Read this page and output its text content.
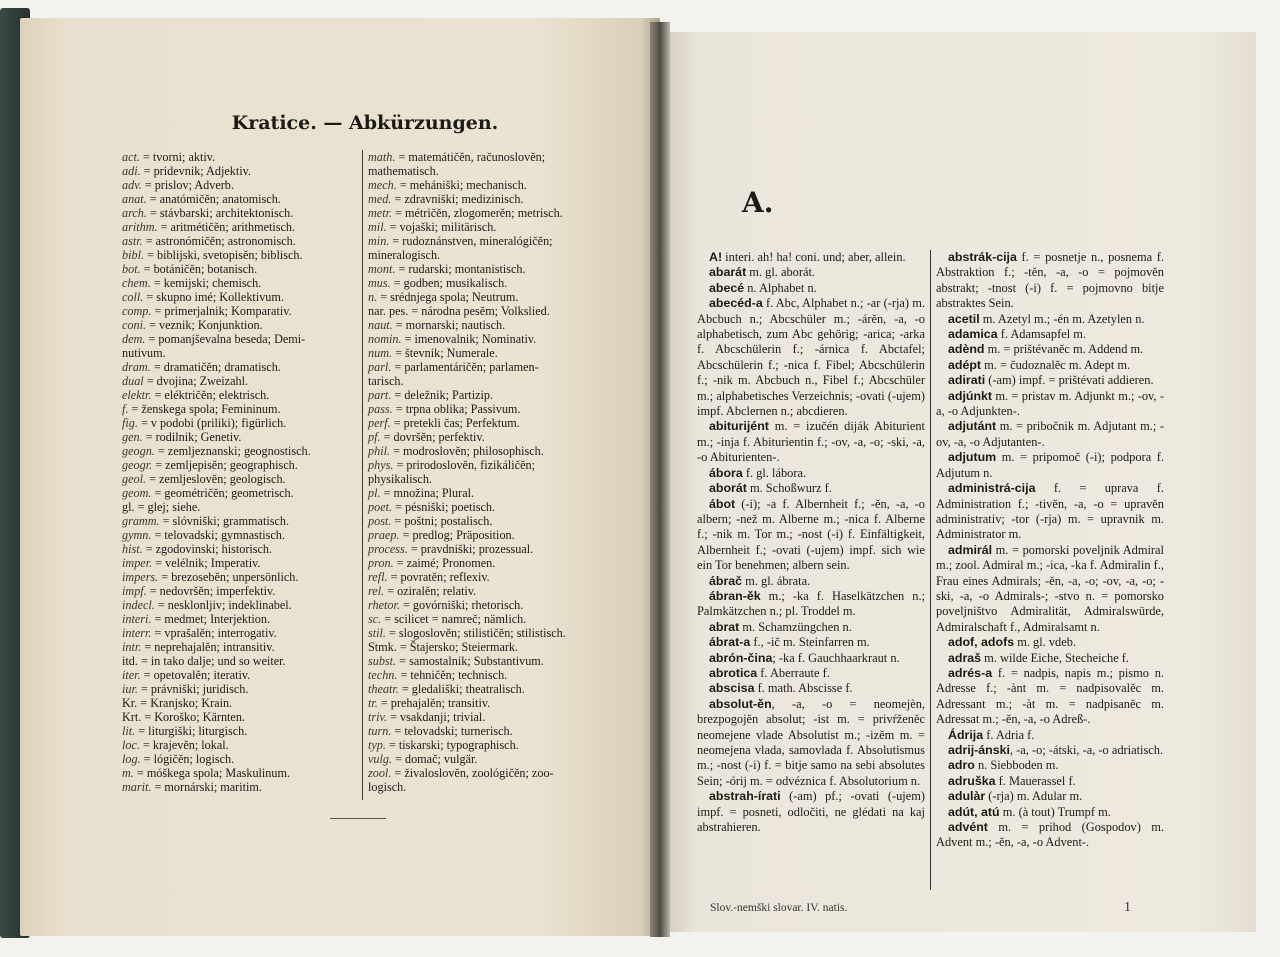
Kratice. — Abkürzungen.
act. = tvorni; aktiv.
adi. = pridevnik; Adjektiv.
adv. = prislov; Adverb.
anat. = anatómičěn; anatomisch.
arch. = stávbarski; architektonisch.
arithm. = aritmétičěn; arithmetisch.
astr. = astronómičěn; astronomisch.
bibl. = biblijski, svetopisěn; biblisch.
bot. = botáničěn; botanisch.
chem. = kemijski; chemisch.
coll. = skupno imé; Kollektivum.
comp. = primerjalnik; Komparativ.
coni. = veznik; Konjunktion.
dem. = pomanjševalna beseda; Demi-
nutivum.
dram. = dramatičěn; dramatisch.
dual = dvojina; Zweizahl.
elektr. = eléktričěn; elektrisch.
f. = ženskega spola; Femininum.
fig. = v podobi (priliki); figürlich.
gen. = rodilnik; Genetiv.
geogn. = zemljeznanski; geognostisch.
geogr. = zemljepisěn; geographisch.
geol. = zemljeslověn; geologisch.
geom. = geométričěn; geometrisch.
gl. = glej; siehe.
gramm. = slóvniški; grammatisch.
gymn. = telovadski; gymnastisch.
hist. = zgodovinski; historisch.
imper. = velélnik; Imperativ.
impers. = brezoseběn; unpersönlich.
impf. = nedovršěn; imperfektiv.
indecl. = nesklonljiv; indeklinabel.
interi. = medmet; Interjektion.
interr. = vprašalěn; interrogativ.
intr. = neprehajalěn; intransitiv.
itd. = in tako dalje; und so weiter.
iter. = opetovalěn; iterativ.
iur. = právniški; juridisch.
Kr. = Kranjsko; Krain.
Krt. = Koroško; Kärnten.
lit. = liturgiški; liturgisch.
loc. = krajevěn; lokal.
log. = lógičěn; logisch.
m. = móškega spola; Maskulinum.
marit. = mornárski; maritim.
math. = matemátičěn, računoslověn;
mathematisch.
mech. = mehániški; mechanisch.
med. = zdravniški; medizinisch.
metr. = métričěn, zlogomerěn; metrisch.
mil. = vojaški; militärisch.
min. = rudoznánstven, mineralógičěn;
mineralogisch.
mont. = rudarski; montanistisch.
mus. = godben; musikalisch.
n. = srédnjega spola; Neutrum.
nar. pes. = národna pesěm; Volkslied.
naut. = mornarski; nautisch.
nomin. = imenovalnik; Nominativ.
num. = števnik; Numerale.
parl. = parlamentáričěn; parlamen-
tarisch.
part. = deležnik; Partizip.
pass. = trpna oblika; Passivum.
perf. = pretekli čas; Perfektum.
pf. = dovršěn; perfektiv.
phil. = modroslověn; philosophisch.
phys. = prirodoslověn, fizikáličěn;
physikalisch.
pl. = množina; Plural.
poet. = pésniški; poetisch.
post. = poštni; postalisch.
praep. = predlog; Präposition.
process. = pravdniški; prozessual.
pron. = zaimé; Pronomen.
refl. = povratěn; reflexiv.
rel. = oziralěn; relativ.
rhetor. = govórniški; rhetorisch.
sc. = scilicet = namreč; nämlich.
stil. = slogoslověn; stilističěn; stilistisch.
Stmk. = Štajersko; Steiermark.
subst. = samostalnik; Substantivum.
techn. = tehničěn; technisch.
theatr. = gledališki; theatralisch.
tr. = prehajalěn; transitiv.
triv. = vsakdanji; trivial.
turn. = telovadski; turnerisch.
typ. = tiskarski; typographisch.
vulg. = domač; vulgär.
zool. = živaloslověn, zoológičěn; zoo-
logisch.
A.
A! interi. ah! ha! coni. und; aber, allein.
abarát m. gl. aborát.
abecé n. Alphabet n.
abecéd-a f. Abc, Alphabet n.; -ar (-rja) m. Abcbuch n.; Abcschüler m.; -árěn, -a, -o alphabetisch, zum Abc gehörig; -arica; -arka f. Abcschülerin f.; -árnica f. Abctafel; Abcschülerin f.; -nica f. Fibel; Abcschülerin f.; -nik m. Abcbuch n., Fibel f.; Abcschüler m.; alphabetisches Verzeichnis; -ovati (-ujem) impf. Abclernen n.; abcdieren.
abiturijént m. = izučén diják Abiturient m.; -inja f. Abiturientin f.; -ov, -a, -o; -ski, -a, -o Abiturienten-.
ábora f. gl. lábora.
aborát m. Schoßwurz f.
ábot (-i); -a f. Albernheit f.; -ěn, -a, -o albern; -než m. Alberne m.; -nica f. Alberne f.; -nik m. Tor m.; -nost (-i) f. Einfältigkeit, Albernheit f.; -ovati (-ujem) impf. sich wie ein Tor benehmen; albern sein.
ábrač m. gl. ábrata.
ábran-ěk m.; -ka f. Haselkätzchen n.; Palmkätzchen n.; pl. Troddel m.
abrat m. Schamzüngchen n.
ábrat-a f., -ič m. Steinfarren m.
abrón-čina; -ka f. Gauchhaarkraut n.
abrotica f. Aberraute f.
abscisa f. math. Abscisse f.
absolut-ěn, -a, -o = neomejèn, brezpogojěn absolut; -ist m. = privŕženěc neomejene vlade Absolutist m.; -izěm m. = neomejena vlada, samovlada f. Absolutismus m.; -nost (-i) f. = bitje samo na sebi absolutes Sein; -órij m. = odvéznica f. Absolutorium n.
abstrah-írati (-am) pf.; -ovati (-ujem) impf. = posneti, odločiti, ne glédati na kaj abstrahieren.
abstrák-cija f. = posnetje n., posnema f. Abstraktion f.; -těn, -a, -o = pojmověn abstrakt; -tnost (-i) f. = pojmovno bitje abstraktes Sein.
acetil m. Azetyl m.; -én m. Azetylen n.
adamica f. Adamsapfel m.
adènd m. = prištévaněc m. Addend m.
adépt m. = čudoznalěc m. Adept m.
adirati (-am) impf. = prištévati addieren.
adjúnkt m. = pristav m. Adjunkt m.; -ov, -a, -o Adjunkten-.
adjutánt m. = pribočnik m. Adjutant m.; -ov, -a, -o Adjutanten-.
adjutum m. = pripomoč (-i); podpora f. Adjutum n.
administrá-cija f. = uprava f. Administration f.; -tivěn, -a, -o = upravěn administrativ; -tor (-rja) m. = upravnik m. Administrator m.
admirál m. = pomorski poveljnik Admiral m.; zool. Admiral m.; -ica, -ka f. Admiralin f., Frau eines Admirals; -ěn, -a, -o; -ov, -a, -o; -ski, -a, -o Admirals-; -stvo n. = pomorsko poveljništvo Admiralität, Admiralswürde, Admiralschaft f., Admiralsamt n.
adof, adofs m. gl. vdeb.
adraš m. wilde Eiche, Stecheiche f.
adrés-a f. = nadpis, napis m.; pismo n. Adresse f.; -ànt m. = nadpisovalěc m. Adressant m.; -àt m. = nadpisaněc m. Adressat m.; -ěn, -a, -o Adreß-.
Ádrija f. Adria f.
adrij-ánski, -a, -o; -átski, -a, -o adriatisch.
adro n. Siebboden m.
adruška f. Mauerassel f.
adulàr (-rja) m. Adular m.
adút, atú m. (à tout) Trumpf m.
advént m. = prihod (Gospodov) m. Advent m.; -ěn, -a, -o Advent-.
Slov.-nemški slovar. IV. natis.	1
